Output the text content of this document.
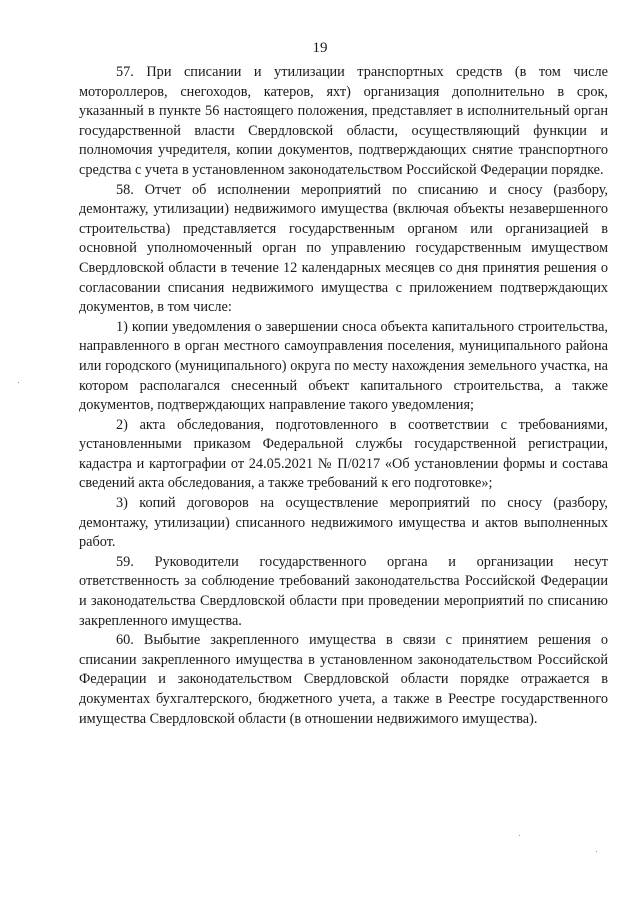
19

57. При списании и утилизации транспортных средств (в том числе мотороллеров, снегоходов, катеров, яхт) организация дополнительно в срок, указанный в пункте 56 настоящего положения, представляет в исполнительный орган государственной власти Свердловской области, осуществляющий функции и полномочия учредителя, копии документов, подтверждающих снятие транспортного средства с учета в установленном законодательством Российской Федерации порядке.

58. Отчет об исполнении мероприятий по списанию и сносу (разбору, демонтажу, утилизации) недвижимого имущества (включая объекты незавершенного строительства) представляется государственным органом или организацией в основной уполномоченный орган по управлению государственным имуществом Свердловской области в течение 12 календарных месяцев со дня принятия решения о согласовании списания недвижимого имущества с приложением подтверждающих документов, в том числе:

1) копии уведомления о завершении сноса объекта капитального строительства, направленного в орган местного самоуправления поселения, муниципального района или городского (муниципального) округа по месту нахождения земельного участка, на котором располагался снесенный объект капитального строительства, а также документов, подтверждающих направление такого уведомления;

2) акта обследования, подготовленного в соответствии с требованиями, установленными приказом Федеральной службы государственной регистрации, кадастра и картографии от 24.05.2021 № П/0217 «Об установлении формы и состава сведений акта обследования, а также требований к его подготовке»;

3) копий договоров на осуществление мероприятий по сносу (разбору, демонтажу, утилизации) списанного недвижимого имущества и актов выполненных работ.

59. Руководители государственного органа и организации несут ответственность за соблюдение требований законодательства Российской Федерации и законодательства Свердловской области при проведении мероприятий по списанию закрепленного имущества.

60. Выбытие закрепленного имущества в связи с принятием решения о списании закрепленного имущества в установленном законодательством Российской Федерации и законодательством Свердловской области порядке отражается в документах бухгалтерского, бюджетного учета, а также в Реестре государственного имущества Свердловской области (в отношении недвижимого имущества).
